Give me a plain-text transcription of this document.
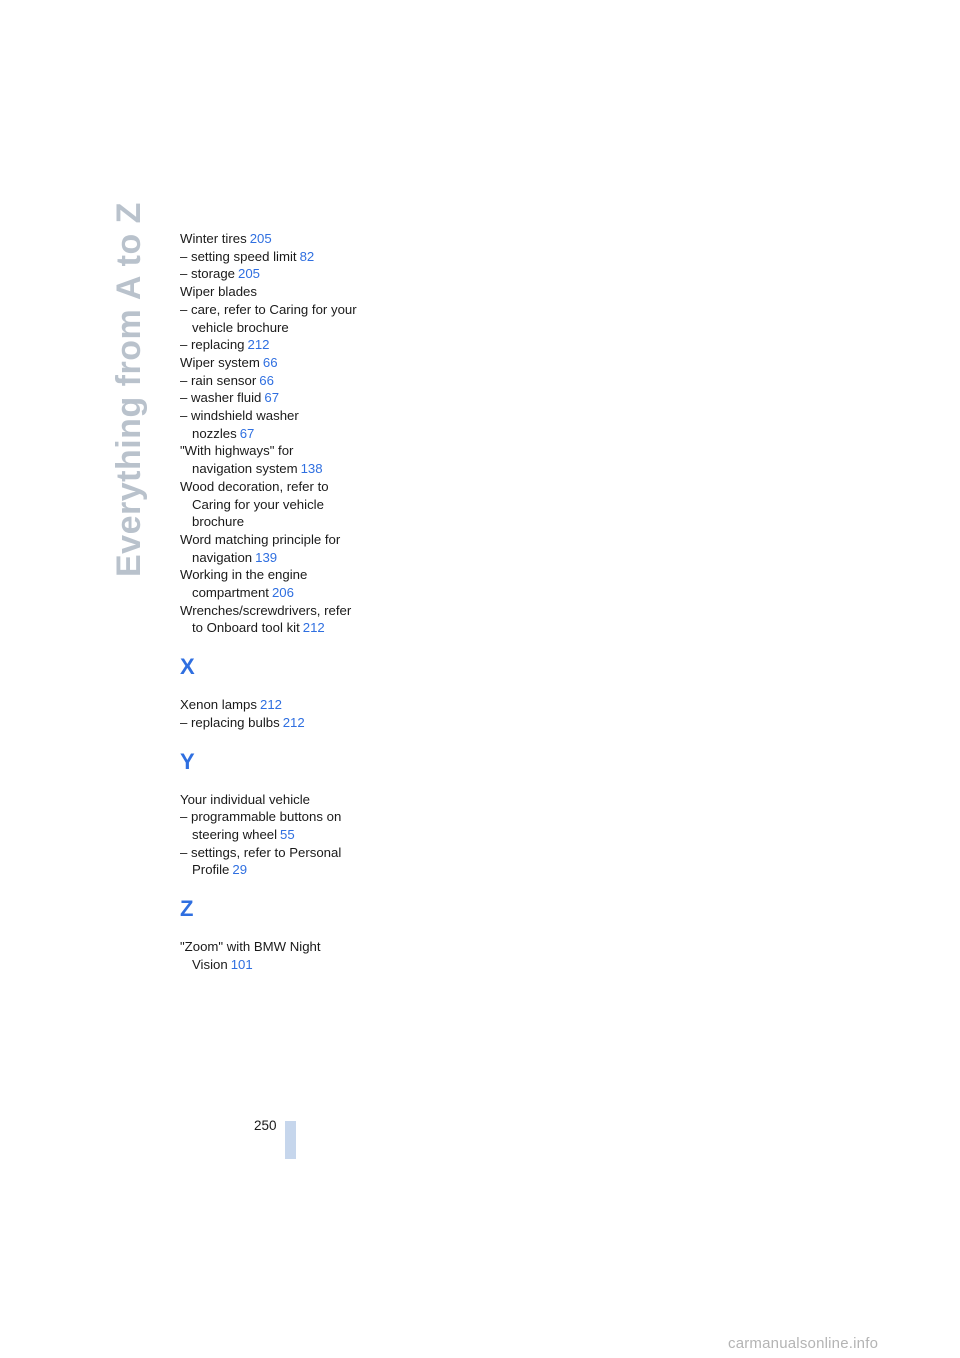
Everything from A to Z	Winter tires 205
– setting speed limit 82
– storage 205
Wiper blades
– care, refer to Caring for your
vehicle brochure
– replacing 212
Wiper system 66
– rain sensor 66
– washer fluid 67
– windshield washer
nozzles 67
"With highways" for
navigation system 138
Wood decoration, refer to
Caring for your vehicle
brochure
Word matching principle for
navigation 139
Working in the engine
compartment 206
Wrenches/screwdrivers, refer
to Onboard tool kit 212
X
Xenon lamps 212
– replacing bulbs 212
Y
Your individual vehicle
– programmable buttons on
steering wheel 55
– settings, refer to Personal
Profile 29
Z
"Zoom" with BMW Night
Vision 101
250
carmanualsonline.info
